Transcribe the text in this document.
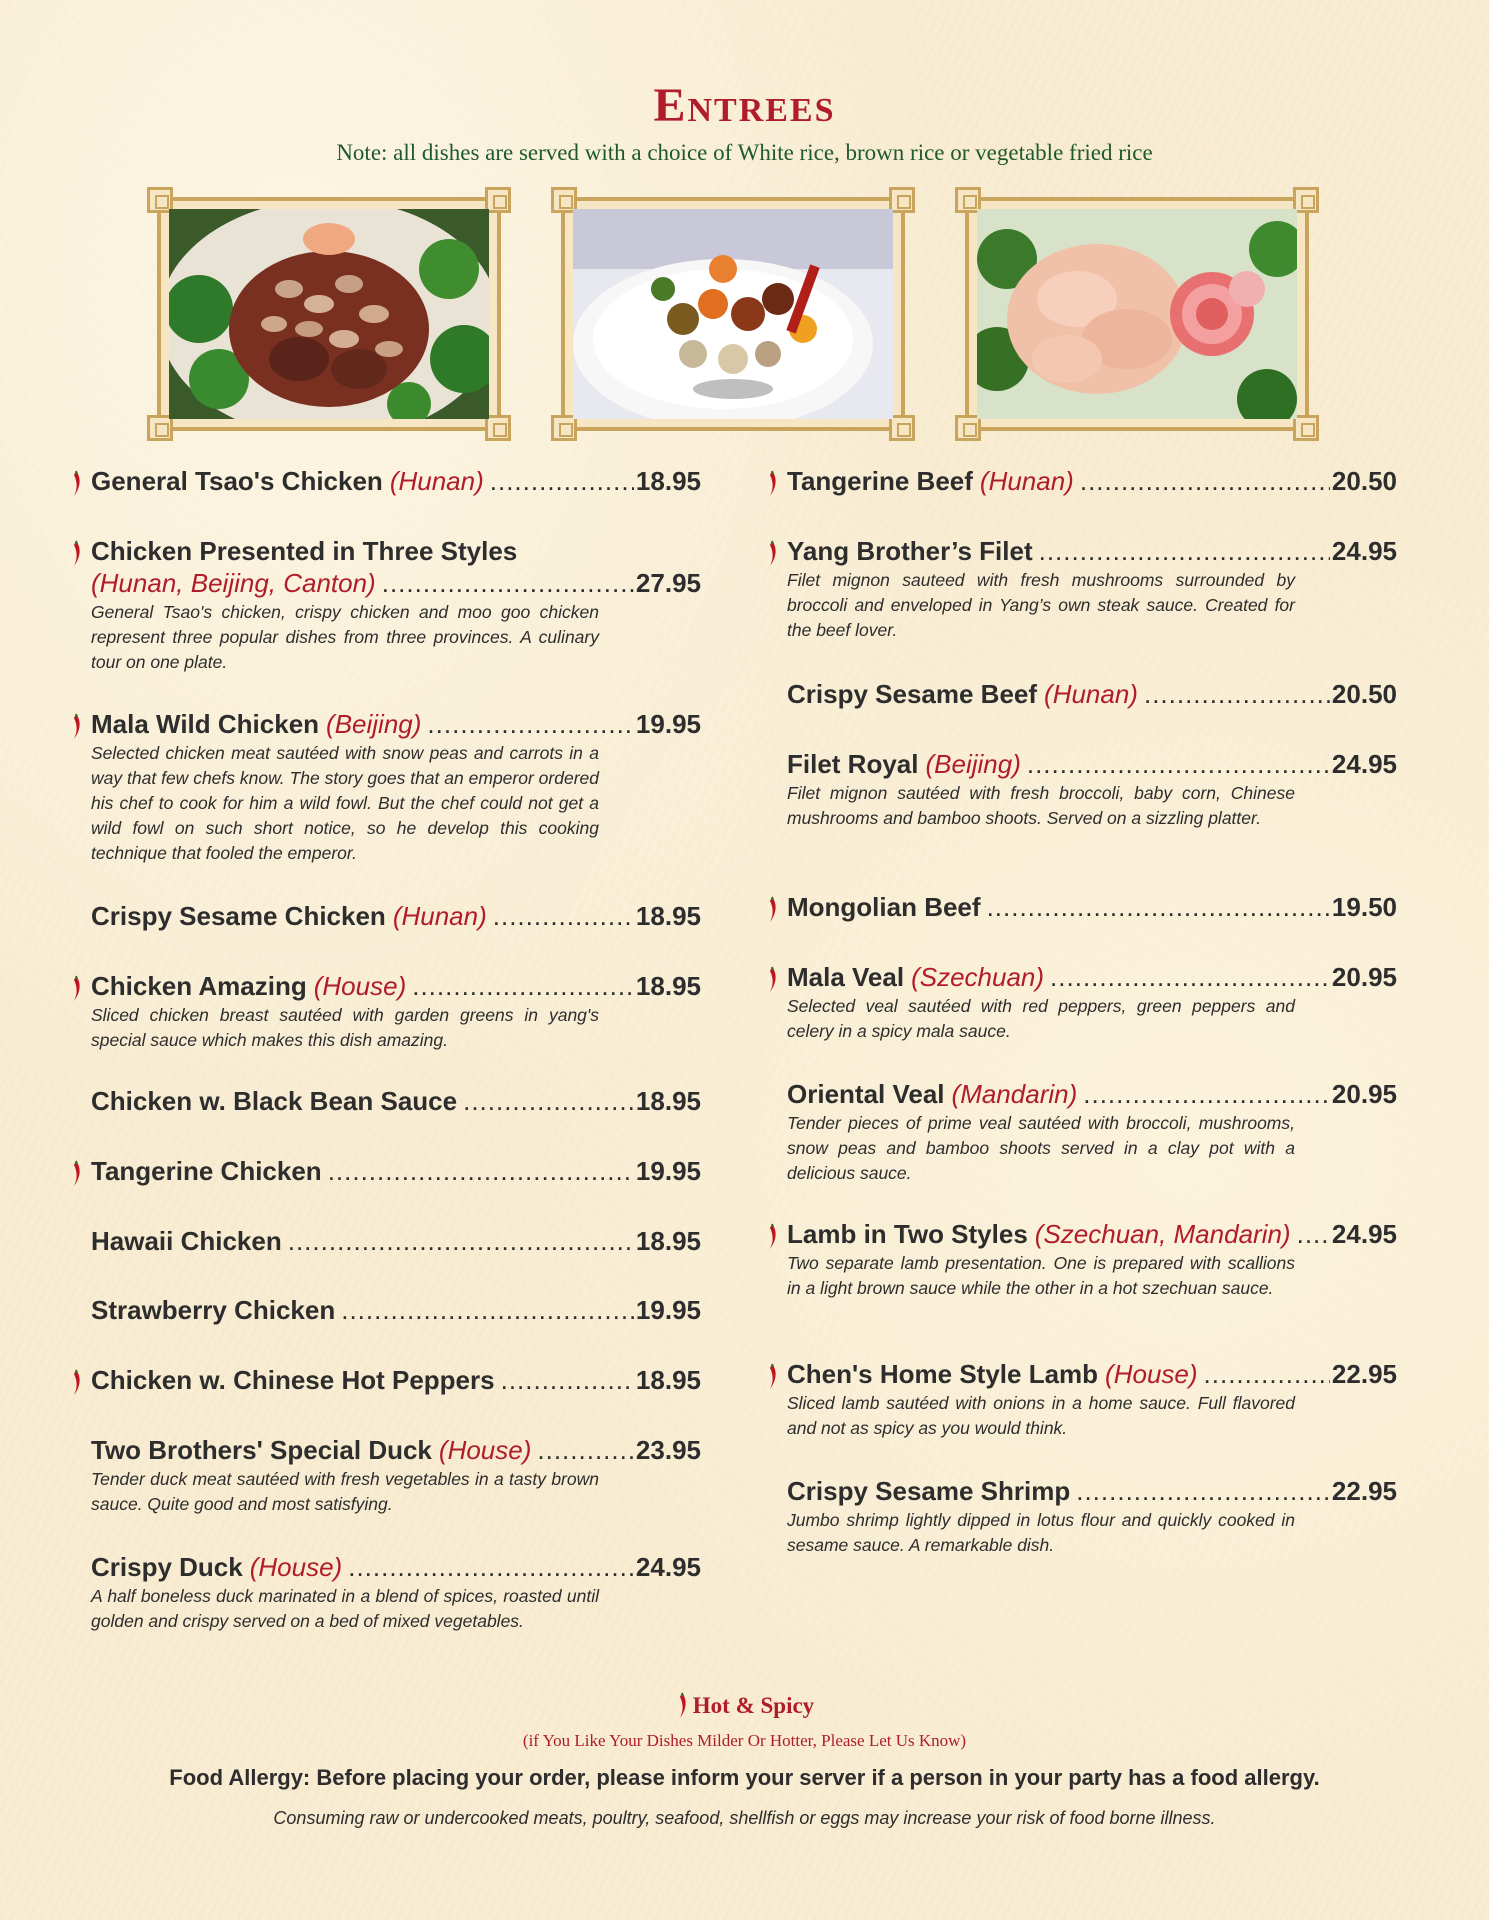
Entrees
Note: all dishes are served with a choice of White rice, brown rice or vegetable fried rice
General Tsao's Chicken (Hunan) .....	18.95
Chicken Presented in Three Styles
(Hunan, Beijing, Canton) .....	27.95
General Tsao's chicken, crispy chicken and moo goo chicken represent three popular dishes from three provinces. A culinary tour on one plate.
Mala Wild Chicken (Beijing) .....	19.95
Selected chicken meat sautéed with snow peas and carrots in a way that few chefs know. The story goes that an emperor ordered his chef to cook for him a wild fowl. But the chef could not get a wild fowl on such short notice, so he develop this cooking technique that fooled the emperor.
Crispy Sesame Chicken (Hunan) .....	18.95
Chicken Amazing (House) .....	18.95
Sliced chicken breast sautéed with garden greens in yang's special sauce which makes this dish amazing.
Chicken w. Black Bean Sauce .....	18.95
Tangerine Chicken .....	19.95
Hawaii Chicken .....	18.95
Strawberry Chicken .....	19.95
Chicken w. Chinese Hot Peppers .....	18.95
Two Brothers' Special Duck (House) .....	23.95
Tender duck meat sautéed with fresh vegetables in a tasty brown sauce. Quite good and most satisfying.
Crispy Duck (House) .....	24.95
A half boneless duck marinated in a blend of spices, roasted until golden and crispy served on a bed of mixed vegetables.
Tangerine Beef (Hunan) .....	20.50
Yang Brother’s Filet .....	24.95
Filet mignon sauteed with fresh mushrooms surrounded by broccoli and enveloped in Yang’s own steak sauce. Created for the beef lover.
Crispy Sesame Beef (Hunan) .....	20.50
Filet Royal (Beijing) .....	24.95
Filet mignon sautéed with fresh broccoli, baby corn, Chinese mushrooms and bamboo shoots. Served on a sizzling platter.
Mongolian Beef .....	19.50
Mala Veal (Szechuan) .....	20.95
Selected veal sautéed with red peppers, green peppers and celery in a spicy mala sauce.
Oriental Veal (Mandarin) .....	20.95
Tender pieces of prime veal sautéed with broccoli, mushrooms, snow peas and bamboo shoots served in a clay pot with a delicious sauce.
Lamb in Two Styles (Szechuan, Mandarin) ..... 24.95
Two separate lamb presentation. One is prepared with scallions in a light brown sauce while the other in a hot szechuan sauce.
Chen's Home Style Lamb (House) .....	22.95
Sliced lamb sautéed with onions in a home sauce. Full flavored and not as spicy as you would think.
Crispy Sesame Shrimp .....	22.95
Jumbo shrimp lightly dipped in lotus flour and quickly cooked in sesame sauce. A remarkable dish.
Hot & Spicy
(if You Like Your Dishes Milder Or Hotter, Please Let Us Know)
Food Allergy: Before placing your order, please inform your server if a person in your party has a food allergy.
Consuming raw or undercooked meats, poultry, seafood, shellfish or eggs may increase your risk of food borne illness.
